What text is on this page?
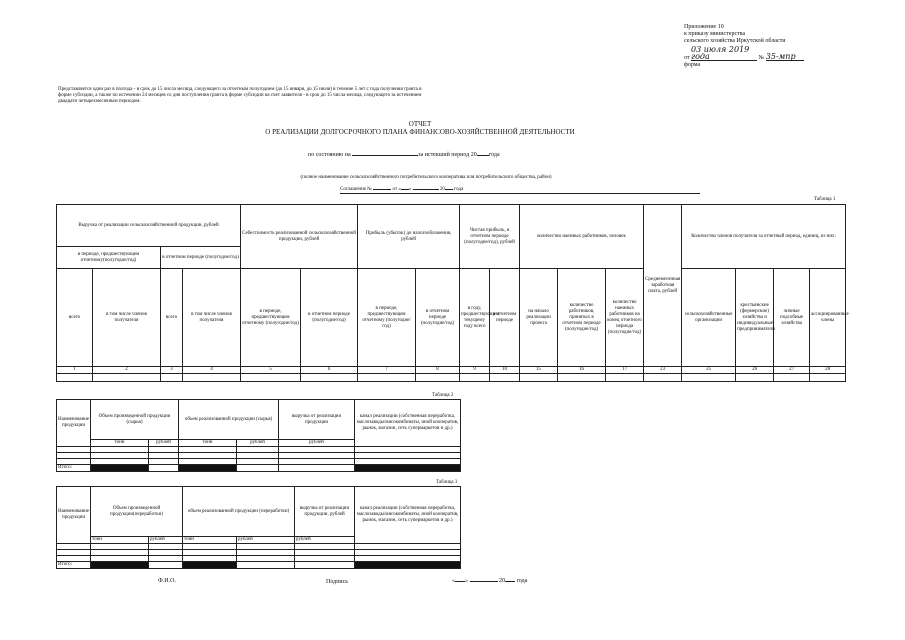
Приложение 10
к приказу министерства
сельского хозяйства Иркутской области
от 03 июля 2019 года	№ 35-мпр
форма
Представляется один раз в полгода - в срок до 15 числа месяца, следующего за отчетным полугодием (до 15 января, до 15 июля) в течение 5 лет с года получения гранта в
форме субсидии, а также по истечении 24 месяцев со дня поступления гранта в форме субсидии на счет заявителя - в срок до 15 числа месяца, следующего за истечением
двадцати четырехмесячным периодом.
ОТЧЕТ
О РЕАЛИЗАЦИИ ДОЛГОСРОЧНОГО ПЛАНА ФИНАНСОВО-ХОЗЯЙСТВЕННОЙ ДЕЯТЕЛЬНОСТИ
по состоянию на	за истекший период 20 года
(полное наименование сельскохозяйственного потребительского кооператива или потребительского общества, район)
Соглашение №	от « »	20 года
Таблица 1
Выручка от реализации сельскохозяйственной продукции, рублей				Себестоимость реализованной сельскохозяйственной продукции, рублей		Прибыль (убыток) до налогообложения, рублей		Чистая прибыль, в отчетном периоде (полугодие/год), рублей		количество наемных работников, человек			Среднемесячная заработная плата, рублей	Количество членов получателя за отчетный период, единиц, из них:			
в периоде, предшествующем отчетному(полугодие/год)		в отчетном периоде (полугодие/год)															
всего	в том числе членов получателя	всего	в том числе членов получателя	в периоде, предшествующем отчетному (полугодие/год)	в отчетном периоде (полугодие/год)	в периоде, предшествующем отчетному (полугодие/год)	в отчетном периоде (полугодие/год)	в году, предшествующем текущему году всего	в отчетном периоде	на начало реализации проекта	количество работников, принятых в отчетном периоде (полугодие/год)	количество наемных работников на конец отчетного периода (полугодие/год)		сельскохозяйственные организации	крестьянские (фермерские) хозяйства и индивидуальные предприниматели	личные подсобные хозяйства	ассоциированные члены
1	2	3	4	5	6	7	8	9	10	15	16	17	23	25	26	27	28

Таблица 2
Наименование продукции	Объем произведенной продукции (сырья)		объем реализованной продукции (сырья)		выручка от реализации продукции	канал реализации (собственная переработка, маслозаводы/мясокомбинаты, иной кооператив, рынок, магазин, сеть супермаркетов и др.)
	тонн	рублей	тонн	рублей	рублей	

Итого:						
Таблица 3
Наименование продукции	Объем произведенной продукции(переработки)		объем реализованной продукции (переработки)		выручка от реализации продукции, рублей	канал реализации (собственная переработка, маслозаводы/мясокомбинаты, иной кооператив, рынок, магазин, сеть супермаркетов и др.)
	тонн	рублей	тонн	рублей	рублей	

Итого:						
Ф.И.О.	Подпись	« »	20 года
